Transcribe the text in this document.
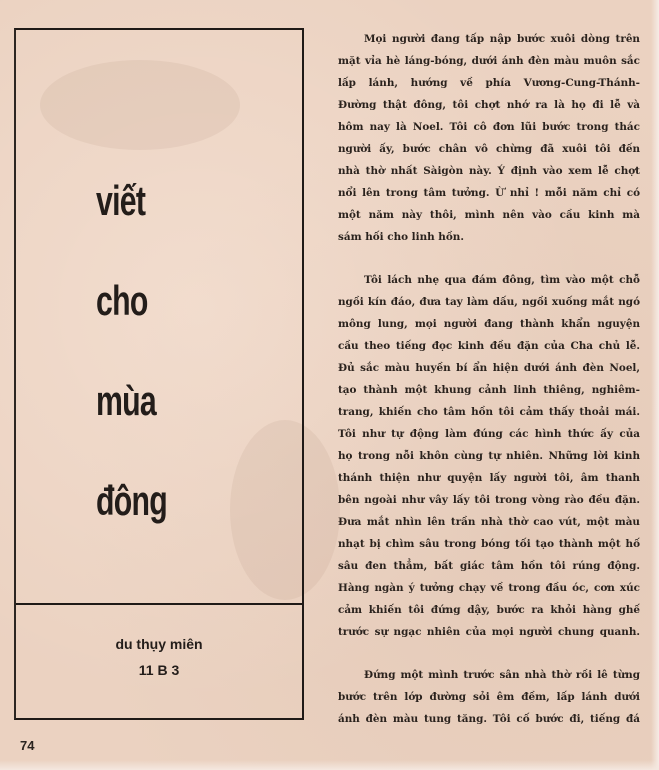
viết
cho
mùa
đông
du thụy miên
11 B 3
74
Mọi người đang tấp nập bước xuôi dòng trên
mặt vỉa hè láng-bóng, dưới ánh đèn màu muôn sắc
lấp lánh, hướng về phía Vương-Cung-Thánh-
Đường thật đông, tôi chợt nhớ ra là họ đi lễ và
hôm nay là Noel. Tôi cô đơn lũi bước trong thác
người ấy, bước chân vô chừng đã xuôi tôi đến
nhà thờ nhất Sàigòn này. Ý định vào xem lễ chợt
nổi lên trong tâm tưởng. Ừ nhỉ ! mỗi năm chỉ có
một năm này thôi, mình nên vào cầu kinh mà
sám hối cho linh hồn.
Tôi lách nhẹ qua đám đông, tìm vào một chỗ
ngồi kín đáo, đưa tay làm dấu, ngồi xuống mắt ngó
mông lung, mọi người đang thành khẩn nguyện
cầu theo tiếng đọc kinh đều đặn của Cha chủ lễ.
Đủ sắc màu huyền bí ẩn hiện dưới ánh đèn Noel,
tạo thành một khung cảnh linh thiêng, nghiêm-
trang, khiến cho tâm hồn tôi cảm thấy thoải mái.
Tôi như tự động làm đúng các hình thức ấy của
họ trong nỗi khôn cùng tự nhiên. Những lời kinh
thánh thiện như quyện lấy người tôi, âm thanh
bên ngoài như vây lấy tôi trong vòng rào đều đặn.
Đưa mắt nhìn lên trần nhà thờ cao vút, một màu
nhạt bị chìm sâu trong bóng tối tạo thành một hố
sâu đen thẳm, bất giác tâm hồn tôi rúng động.
Hàng ngàn ý tưởng chạy về trong đầu óc, cơn xúc
cảm khiến tôi đứng dậy, bước ra khỏi hàng ghế
trước sự ngạc nhiên của mọi người chung quanh.
Đứng một mình trước sân nhà thờ rồi lê từng
bước trên lớp đường sỏi êm đềm, lấp lánh dưới
ánh đèn màu tung tăng. Tôi cố bước đi, tiếng đá
